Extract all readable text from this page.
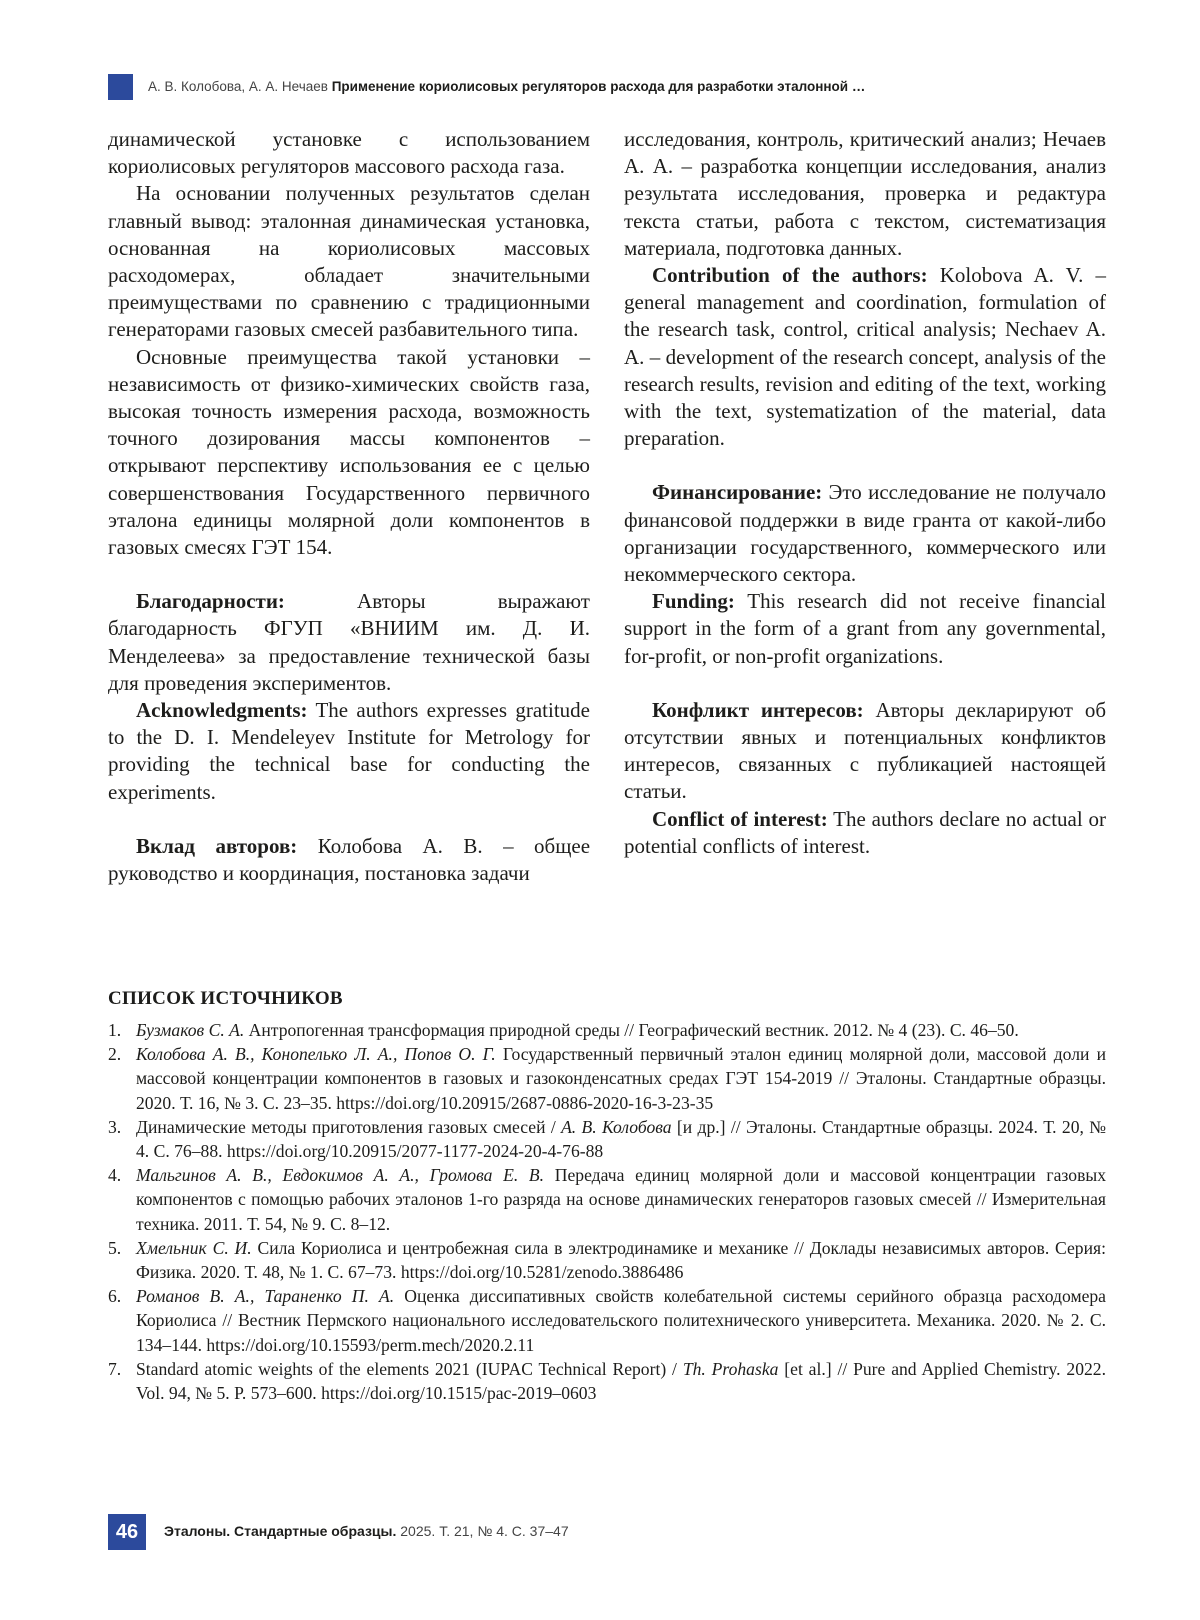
А. В. Колобова, А. А. Нечаев Применение кориолисовых регуляторов расхода для разработки эталонной …

динамической установке с использованием кориолисовых регуляторов массового расхода газа.

На основании полученных результатов сделан главный вывод: эталонная динамическая установка, основанная на кориолисовых массовых расходомерах, обладает значительными преимуществами по сравнению с традиционными генераторами газовых смесей разбавительного типа.

Основные преимущества такой установки – независимость от физико-химических свойств газа, высокая точность измерения расхода, возможность точного дозирования массы компонентов – открывают перспективу использования ее с целью совершенствования Государственного первичного эталона единицы молярной доли компонентов в газовых смесях ГЭТ 154.

Благодарности:	Авторы выражают благодарность ФГУП «ВНИИМ им. Д. И. Менделеева» за предоставление технической базы для проведения экспериментов.

Acknowledgments: The authors expresses gratitude to the D. I. Mendeleyev Institute for Metrology for providing the technical base for conducting the experiments.

Вклад авторов: Колобова А. В. – общее руководство и координация, постановка задачи

исследования, контроль, критический анализ; Нечаев А. А. – разработка концепции исследования, анализ результата исследования, проверка и редактура текста статьи, работа с текстом, систематизация материала, подготовка данных.

Contribution of the authors: Kolobova A. V. – general management and coordination, formulation of the research task, control, critical analysis; Nechaev A. A. – development of the research concept, analysis of the research results, revision and editing of the text, working with the text, systematization of the material, data preparation.

Финансирование: Это исследование не получало финансовой поддержки в виде гранта от какой-либо организации государственного, коммерческого или некоммерческого сектора.

Funding: This research did not receive financial support in the form of a grant from any governmental, for-profit, or non-profit organizations.

Конфликт интересов: Авторы декларируют об отсутствии явных и потенциальных конфликтов интересов, связанных с публикацией настоящей статьи.

Conflict of interest: The authors declare no actual or potential conflicts of interest.

СПИСОК ИСТОЧНИКОВ
1. Бузмаков С. А. Антропогенная трансформация природной среды // Географический вестник. 2012. № 4 (23). С. 46–50.
2. Колобова А. В., Конопелько Л. А., Попов О. Г. Государственный первичный эталон единиц молярной доли, массовой доли и массовой концентрации компонентов в газовых и газоконденсатных средах ГЭТ 154-2019 // Эталоны. Стандартные образцы. 2020. Т. 16, № 3. С. 23–35. https://doi.org/10.20915/2687-0886-2020-16-3-23-35
3. Динамические методы приготовления газовых смесей / А. В. Колобова [и др.] // Эталоны. Стандартные образцы. 2024. Т. 20, № 4. С. 76–88. https://doi.org/10.20915/2077-1177-2024-20-4-76-88
4. Мальгинов А. В., Евдокимов А. А., Громова Е. В. Передача единиц молярной доли и массовой концентрации газовых компонентов с помощью рабочих эталонов 1-го разряда на основе динамических генераторов газовых смесей // Измерительная техника. 2011. Т. 54, № 9. С. 8–12.
5. Хмельник С. И. Сила Кориолиса и центробежная сила в электродинамике и механике // Доклады независимых авторов. Серия: Физика. 2020. Т. 48, № 1. С. 67–73. https://doi.org/10.5281/zenodo.3886486
6. Романов В. А., Тараненко П. А. Оценка диссипативных свойств колебательной системы серийного образца расходомера Кориолиса // Вестник Пермского национального исследовательского политехнического университета. Механика. 2020. № 2. С. 134–144. https://doi.org/10.15593/perm.mech/2020.2.11
7. Standard atomic weights of the elements 2021 (IUPAC Technical Report) / Th. Prohaska [et al.] // Pure and Applied Chemistry. 2022. Vol. 94, № 5. P. 573–600. https://doi.org/10.1515/pac-2019–0603
46	Эталоны. Стандартные образцы. 2025. Т. 21, № 4. С. 37–47
